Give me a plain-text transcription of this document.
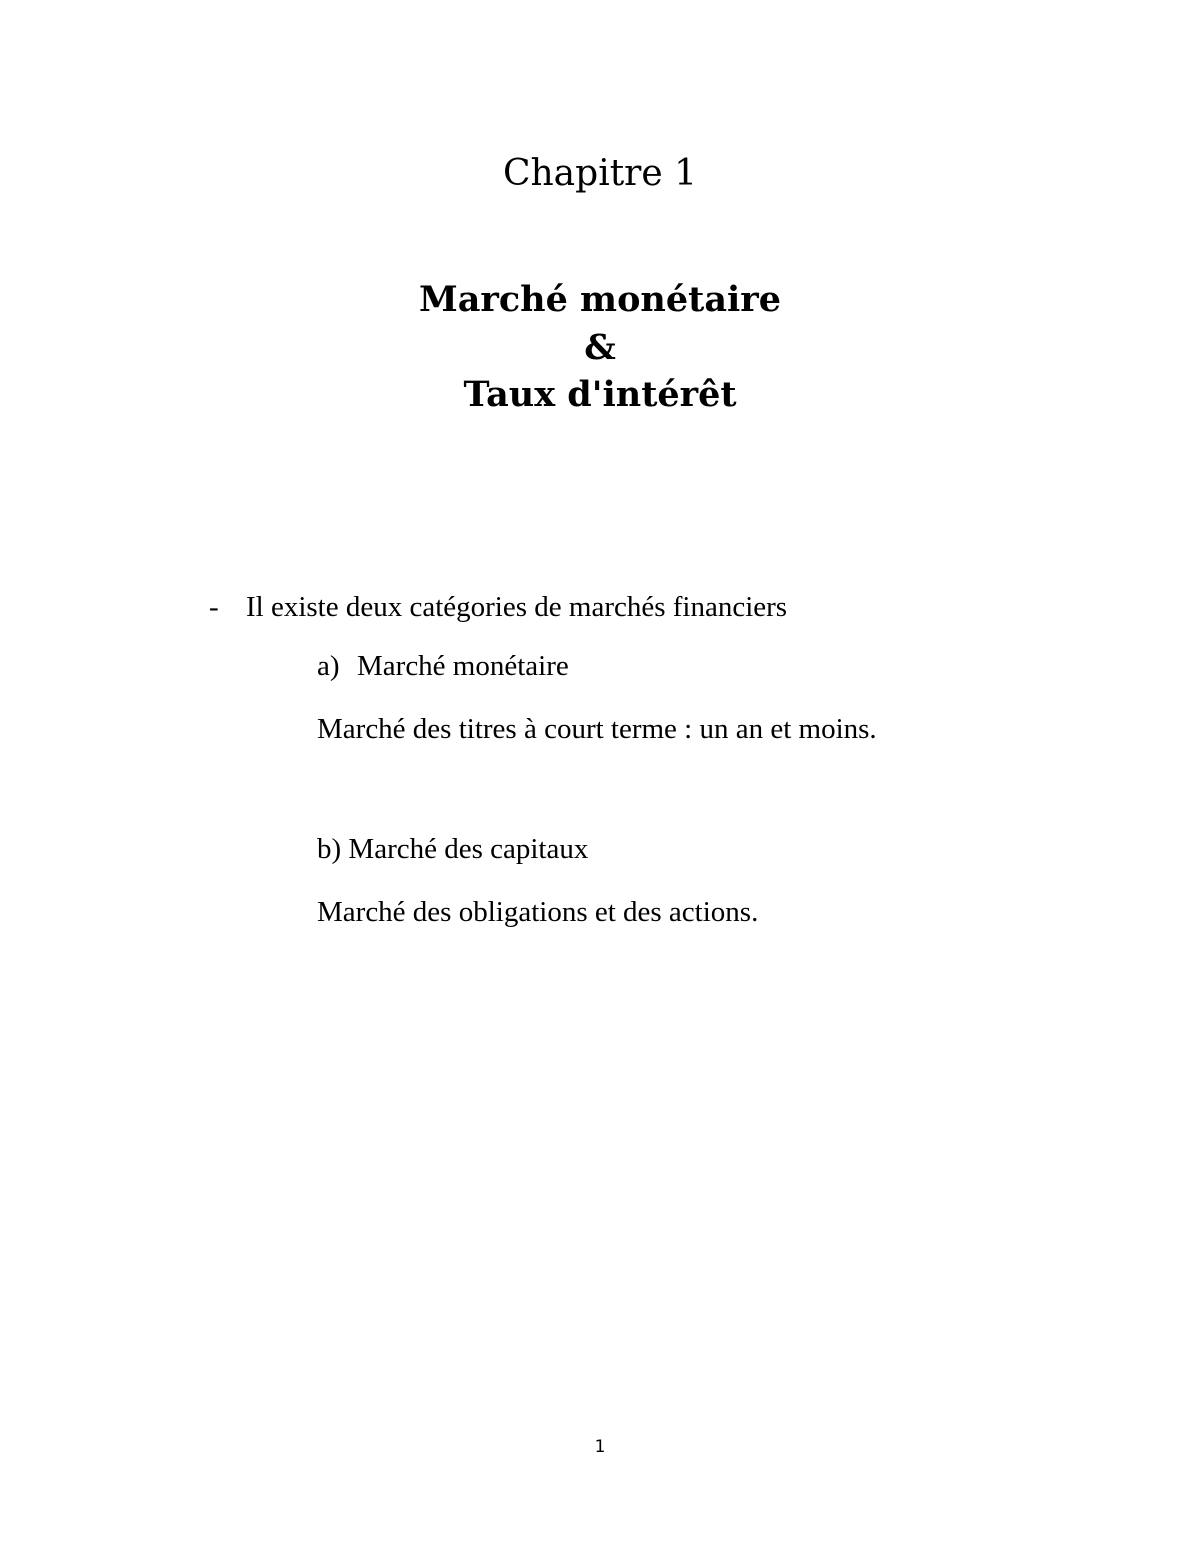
Chapitre 1
Marché monétaire
&
Taux d'intérêt
- Il existe deux catégories de marchés financiers
a) Marché monétaire
Marché des titres à court terme : un an et moins.
b) Marché des capitaux
Marché des obligations et des actions.
1
